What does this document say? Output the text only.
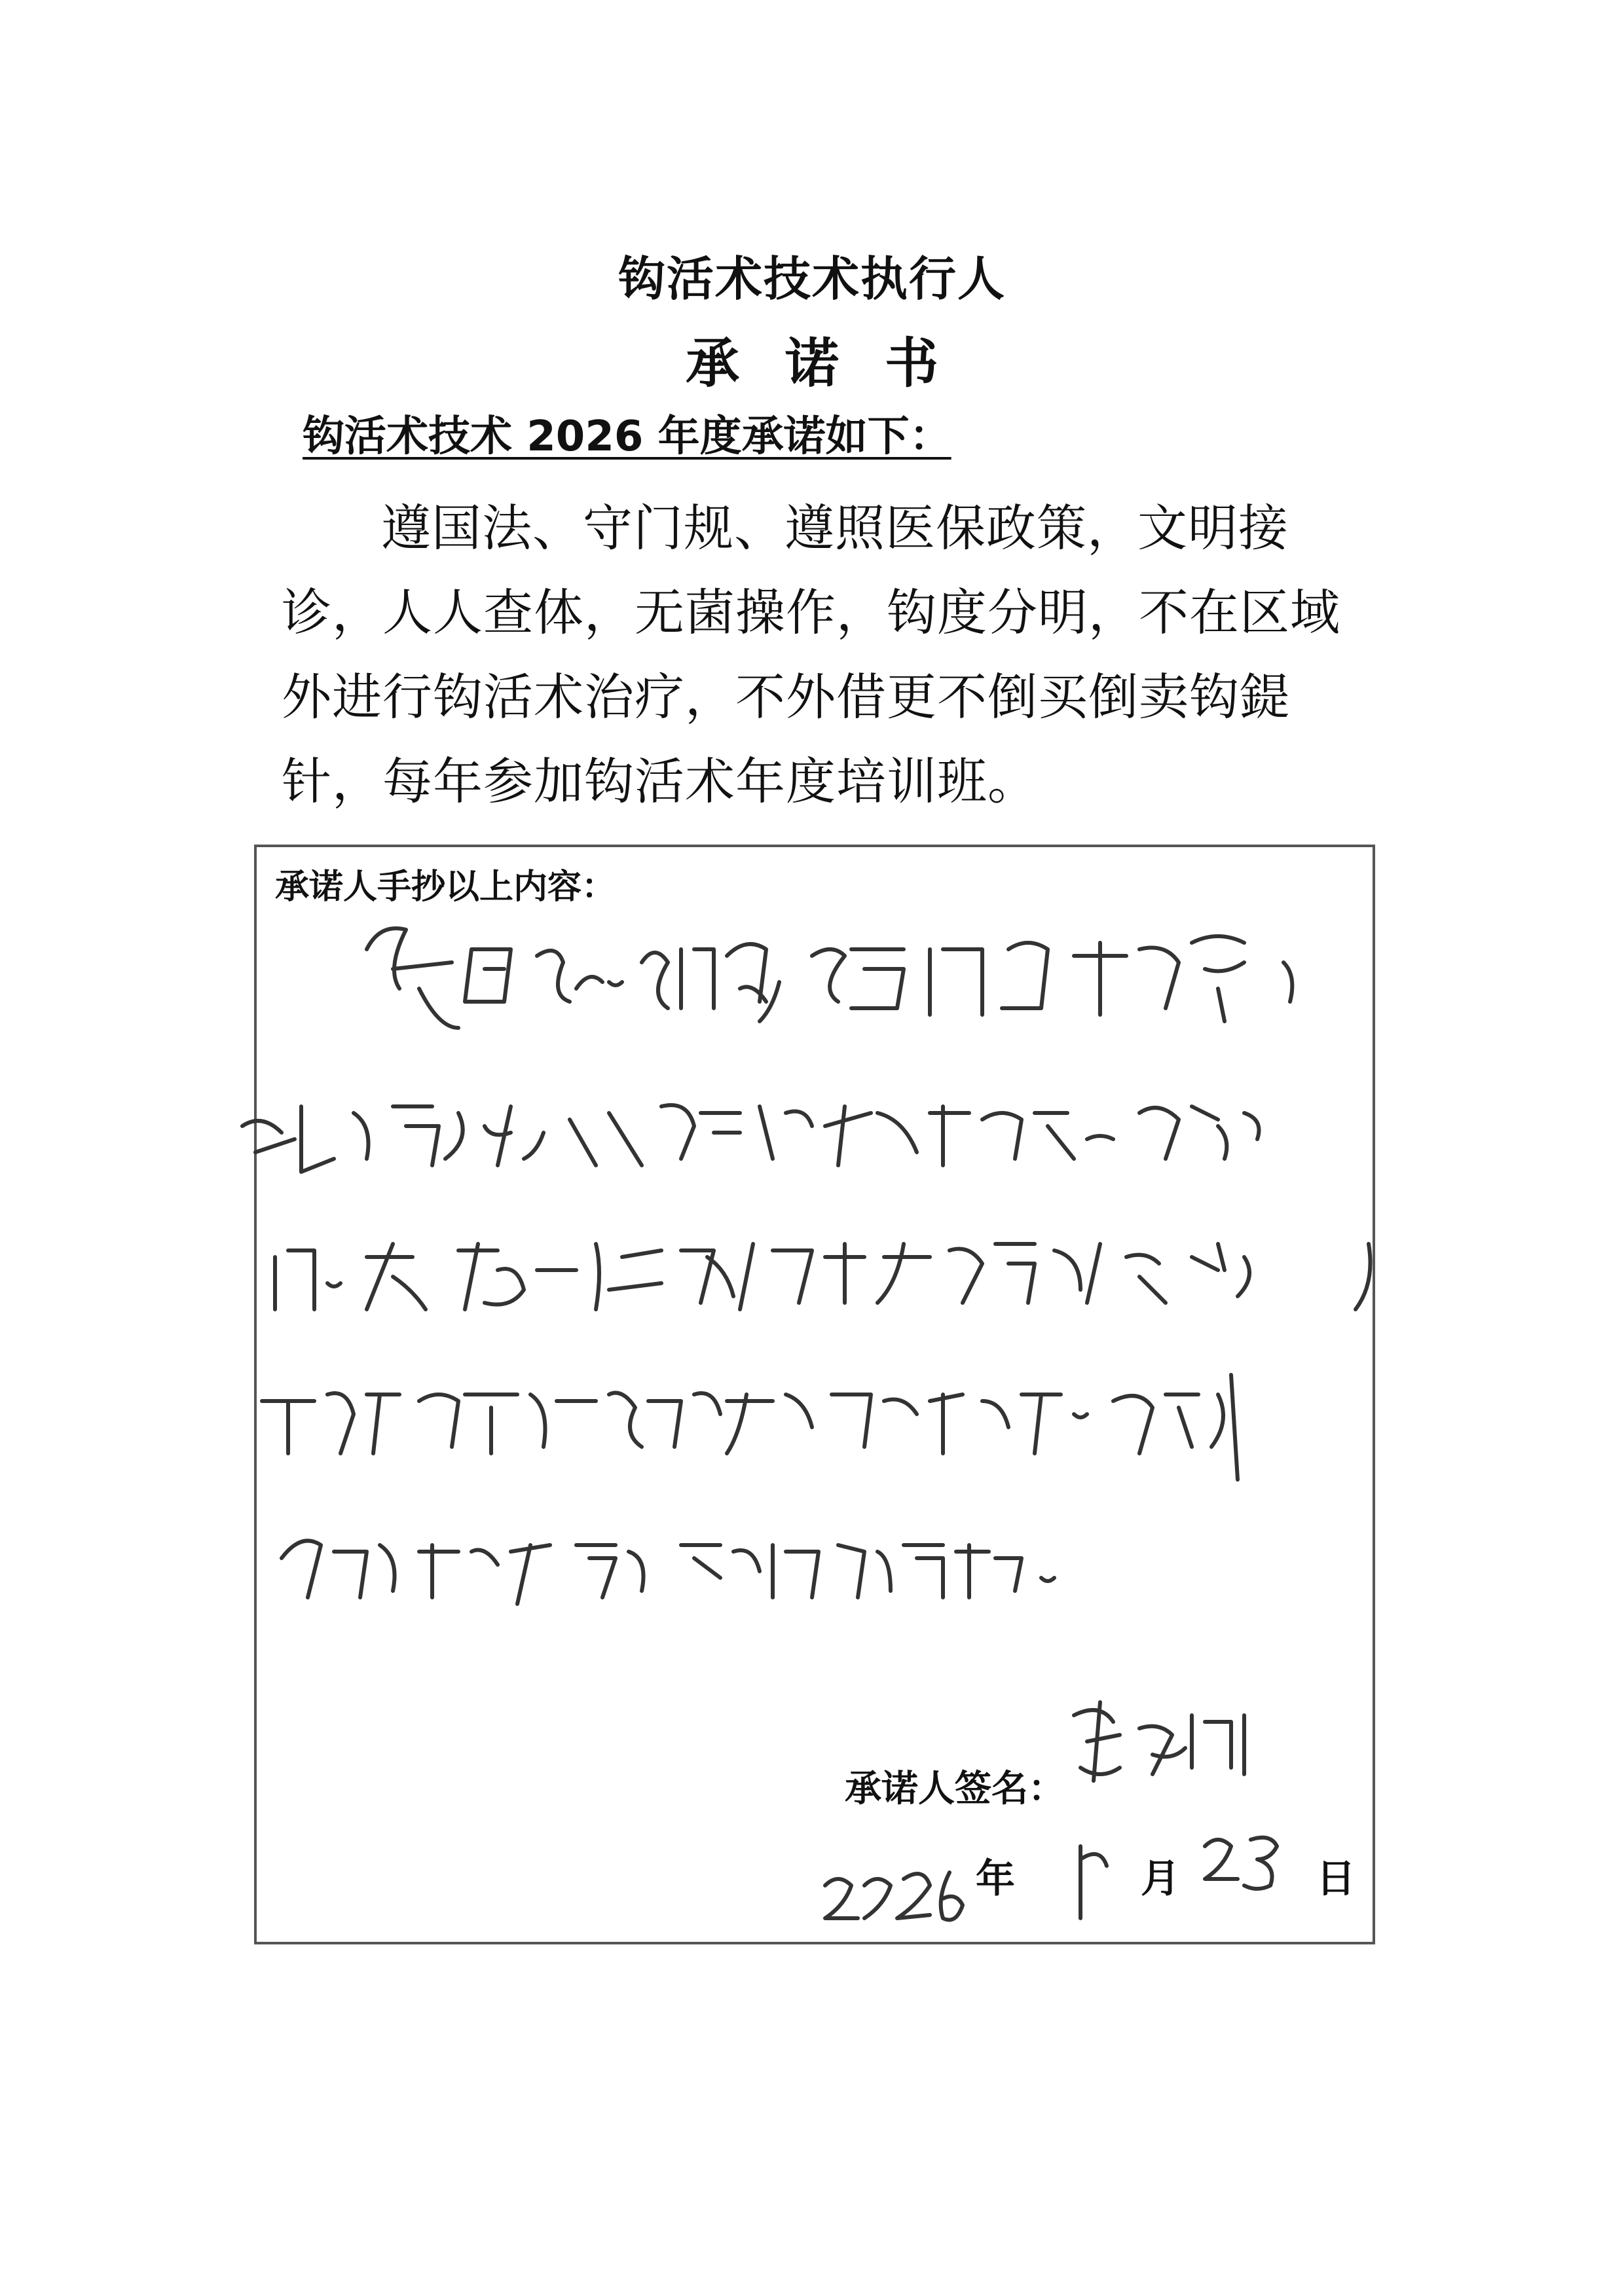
钩活术技术执行人
承诺书
钩活术技术 2026 年度承诺如下：
遵国法、守门规、遵照医保政策，文明接诊，人人查体，无菌操作，钩度分明，不在区域外进行钩活术治疗，不外借更不倒买倒卖钩鍉针，每年参加钩活术年度培训班。
承诺人手抄以上内容：
承诺人签名：
年	月	日
